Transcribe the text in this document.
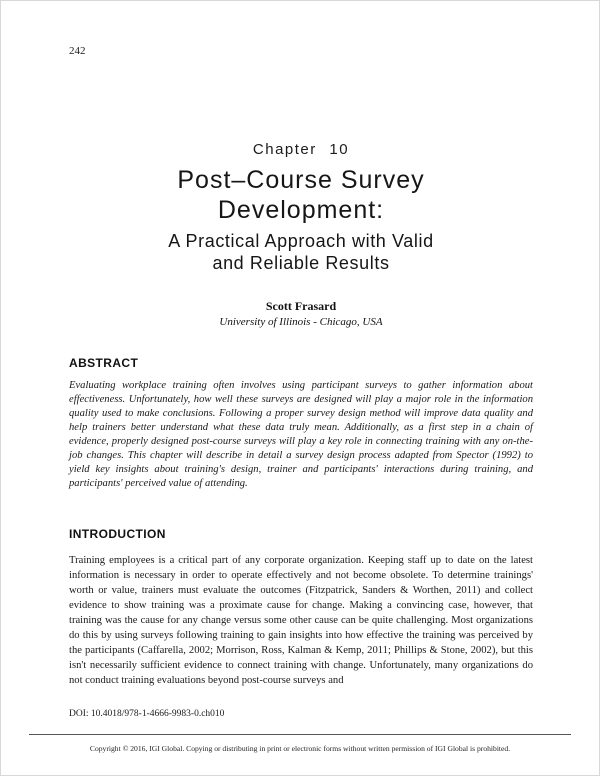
242
Chapter 10
Post–Course Survey
Development:
A Practical Approach with Valid
and Reliable Results
Scott Frasard
University of Illinois - Chicago, USA
ABSTRACT

Evaluating workplace training often involves using participant surveys to gather information about effectiveness. Unfortunately, how well these surveys are designed will play a major role in the information quality used to make conclusions. Following a proper survey design method will improve data quality and help trainers better understand what these data truly mean. Additionally, as a first step in a chain of evidence, properly designed post-course surveys will play a key role in connecting training with any on-the-job changes. This chapter will describe in detail a survey design process adapted from Spector (1992) to yield key insights about training's design, trainer and participants' interactions during training, and participants' perceived value of attending.

INTRODUCTION

Training employees is a critical part of any corporate organization. Keeping staff up to date on the latest information is necessary in order to operate effectively and not become obsolete. To determine trainings' worth or value, trainers must evaluate the outcomes (Fitzpatrick, Sanders & Worthen, 2011) and collect evidence to show training was a proximate cause for change. Making a convincing case, however, that training was the cause for any change versus some other cause can be quite challenging. Most organizations do this by using surveys following training to gain insights into how effective the training was perceived by the participants (Caffarella, 2002; Morrison, Ross, Kalman & Kemp, 2011; Phillips & Stone, 2002), but this isn't necessarily sufficient evidence to connect training with change. Unfortunately, many organizations do not conduct training evaluations beyond post-course surveys and

DOI: 10.4018/978-1-4666-9983-0.ch010
Copyright © 2016, IGI Global. Copying or distributing in print or electronic forms without written permission of IGI Global is prohibited.
